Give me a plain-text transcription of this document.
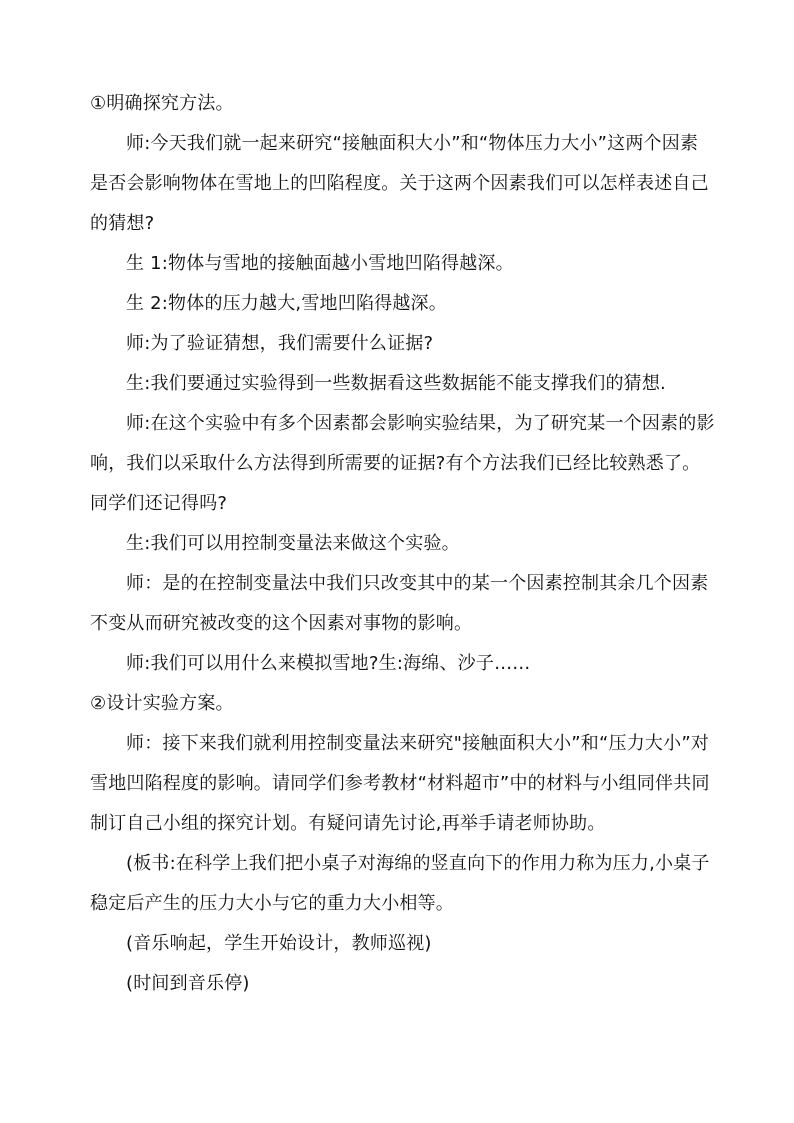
①明确探究方法。

师:今天我们就一起来研究“接触面积大小”和“物体压力大小”这两个因素是否会影响物体在雪地上的凹陷程度。关于这两个因素我们可以怎样表述自己的猜想?

生 1:物体与雪地的接触面越小雪地凹陷得越深。

生 2:物体的压力越大,雪地凹陷得越深。

师:为了验证猜想，我们需要什么证据?

生:我们要通过实验得到一些数据看这些数据能不能支撑我们的猜想.

师:在这个实验中有多个因素都会影响实验结果，为了研究某一个因素的影响，我们以采取什么方法得到所需要的证据?有个方法我们已经比较熟悉了。同学们还记得吗?

生:我们可以用控制变量法来做这个实验。

师：是的在控制变量法中我们只改变其中的某一个因素控制其余几个因素不变从而研究被改变的这个因素对事物的影响。

师:我们可以用什么来模拟雪地?生:海绵、沙子……

②设计实验方案。

师：接下来我们就利用控制变量法来研究"接触面积大小”和“压力大小”对雪地凹陷程度的影响。请同学们参考教材“材料超市”中的材料与小组同伴共同制订自己小组的探究计划。有疑问请先讨论,再举手请老师协助。

(板书:在科学上我们把小桌子对海绵的竖直向下的作用力称为压力,小桌子稳定后产生的压力大小与它的重力大小相等。

(音乐响起，学生开始设计，教师巡视)

(时间到音乐停)
